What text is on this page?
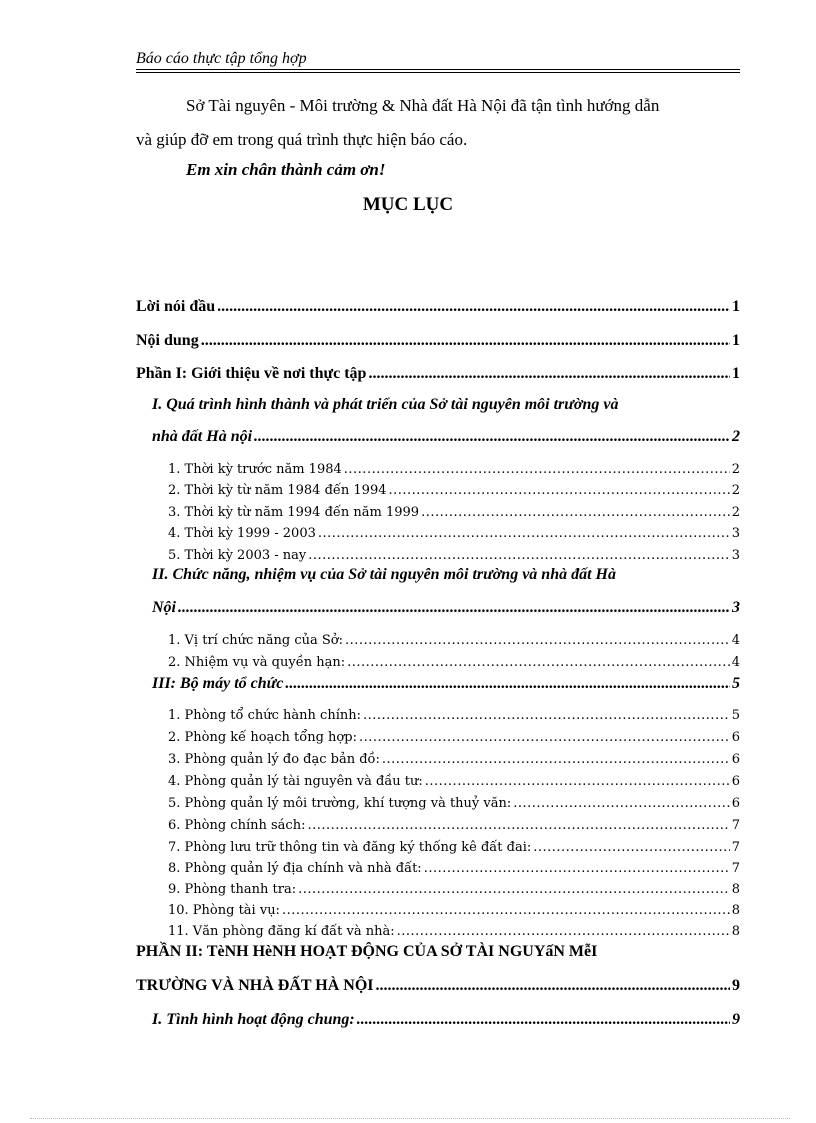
Báo cáo thực tập tổng hợp
Sở Tài nguyên - Môi trường & Nhà đất Hà Nội đã tận tình hướng dẫn
và giúp đỡ em trong quá trình thực hiện báo cáo.
Em xin chân thành cảm ơn!
MỤC LỤC
Lời nói đầu .....	1
Nội dung .....	1
Phần I: Giới thiệu về nơi thực tập .....	1
I. Quá trình hình thành và phát triển của Sở tài nguyên môi trường và
nhà đất Hà nội .....	2
1. Thời kỳ trước năm 1984 .....	2
2. Thời kỳ từ năm 1984 đến 1994 .....	2
3. Thời kỳ từ năm 1994 đến năm 1999 .....	2
4. Thời kỳ 1999 - 2003 .....	3
5. Thời kỳ 2003 - nay .....	3
II. Chức năng, nhiệm vụ của Sở tài nguyên môi trường và nhà đất Hà
Nội .....	3
1. Vị trí chức năng của Sở: .....	4
2. Nhiệm vụ và quyền hạn: .....	4
III: Bộ máy tổ chức .....	5
1. Phòng tổ chức hành chính: .....	5
2. Phòng kế hoạch tổng hợp: .....	6
3. Phòng quản lý đo đạc bản đồ: .....	6
4. Phòng quản lý tài nguyên và đầu tư: .....	6
5. Phòng quản lý môi trường, khí tượng và thuỷ văn: .....	6
6. Phòng chính sách: .....	7
7. Phòng lưu trữ thông tin và đăng ký thống kê đất đai: .....	7
8. Phòng quản lý địa chính và nhà đất: .....	7
9. Phòng thanh tra: .....	8
10. Phòng tài vụ: .....	8
11. Văn phòng đăng kí đất và nhà: .....	8
PHẦN II: TèNH HèNH HOẠT ĐỘNG CỦA SỞ TÀI NGUYấN MễI
TRƯỜNG VÀ NHÀ ĐẤT HÀ NỘI .....	9
I. Tình hình hoạt động chung: .....	9
